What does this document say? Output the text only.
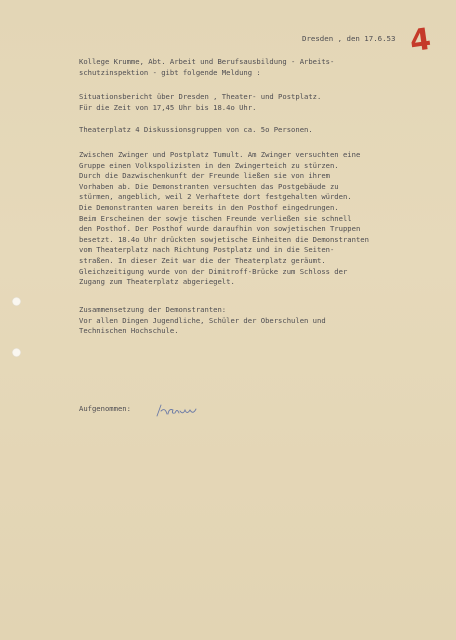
Dresden , den 17.6.53 4
Kollege Krumme, Abt. Arbeit und Berufsausbildung - Arbeits-
schutzinspektion - gibt folgende Meldung :
Situationsbericht über Dresden , Theater- und Postplatz.
Für die Zeit von 17,45 Uhr bis 18.4o Uhr.
Theaterplatz 4 Diskussionsgruppen von ca. 5o Personen.
Zwischen Zwinger und Postplatz Tumult. Am Zwinger versuchten eine
Gruppe einen Volkspolizisten in den Zwingerteich zu stürzen.
Durch die Dazwischenkunft der Freunde ließen sie von ihrem
Vorhaben ab. Die Demonstranten versuchten das Postgebäude zu
stürmen, angeblich, weil 2 Verhaftete dort festgehalten würden.
Die Demonstranten waren bereits in den Posthof eingedrungen.
Beim Erscheinen der sowje tischen Freunde verließen sie schnell
den Posthof. Der Posthof wurde daraufhin von sowjetischen Truppen
besetzt. 18.4o Uhr drückten sowjetische Einheiten die Demonstranten
vom Theaterplatz nach Richtung Postplatz und in die Seiten-
straßen. In dieser Zeit war die der Theaterplatz geräumt.
Gleichzeitigung wurde von der Dimitroff-Brücke zum Schloss der
Zugang zum Theaterplatz abgeriegelt.
Zusammensetzung der Demonstranten:
Vor allen Dingen Jugendliche, Schüler der Oberschulen und
Technischen Hochschule.
Aufgenommen:
